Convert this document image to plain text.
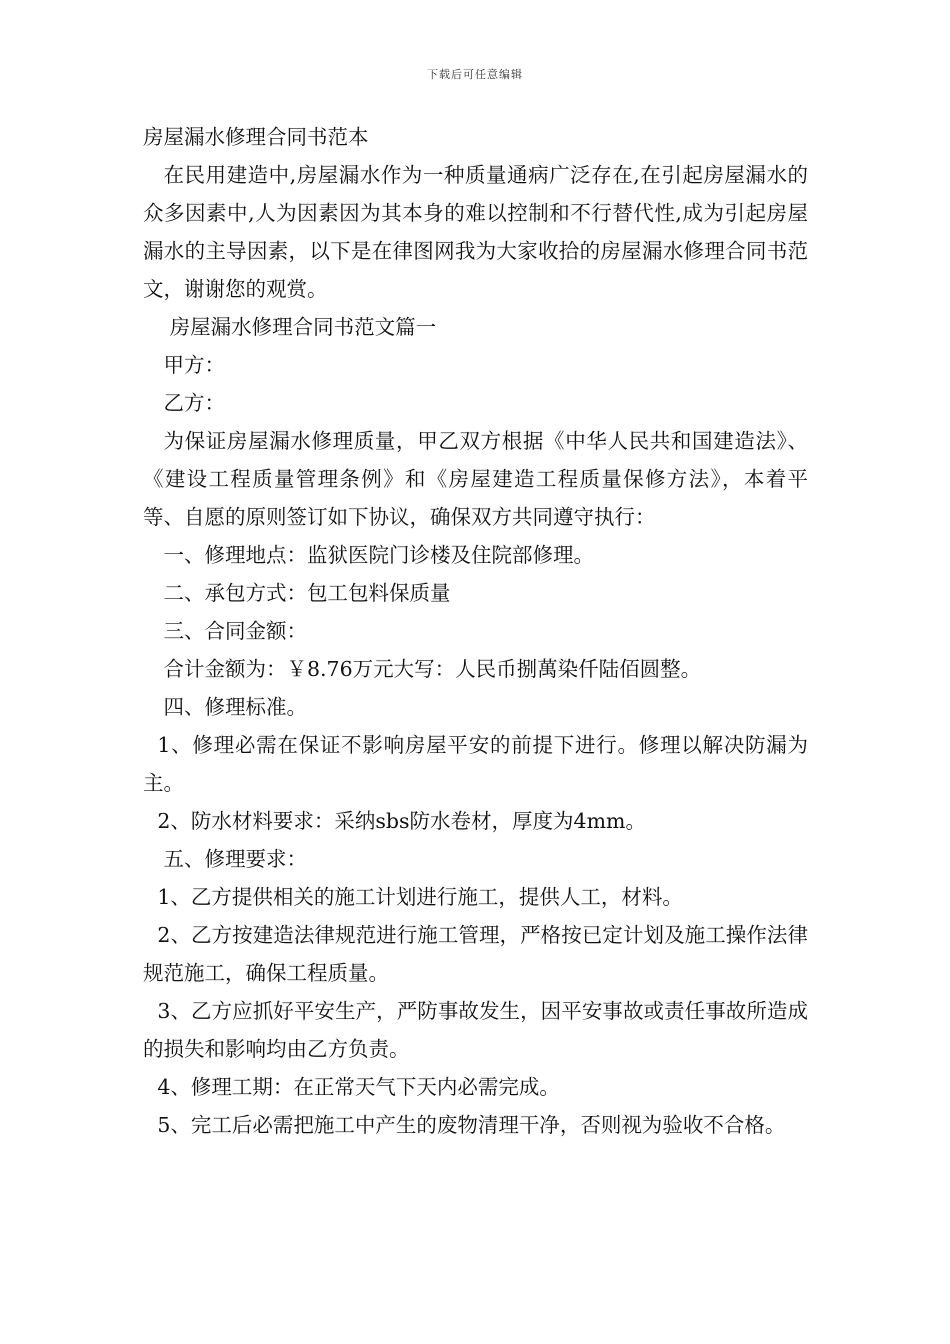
下载后可任意编辑
房屋漏水修理合同书范本

在民用建造中,房屋漏水作为一种质量通病广泛存在,在引起房屋漏水的众多因素中,人为因素因为其本身的难以控制和不行替代性,成为引起房屋漏水的主导因素，以下是在律图网我为大家收拾的房屋漏水修理合同书范文，谢谢您的观赏。

房屋漏水修理合同书范文篇一

甲方：

乙方：

为保证房屋漏水修理质量，甲乙双方根据《中华人民共和国建造法》、《建设工程质量管理条例》和《房屋建造工程质量保修方法》，本着平等、自愿的原则签订如下协议，确保双方共同遵守执行：

一、修理地点：监狱医院门诊楼及住院部修理。

二、承包方式：包工包料保质量

三、合同金额：

合计金额为：￥8.76万元大写：人民币捌萬染仟陆佰圆整。

四、修理标准。

1、修理必需在保证不影响房屋平安的前提下进行。修理以解决防漏为主。

2、防水材料要求：采纳sbs防水卷材，厚度为4mm。

五、修理要求：

1、乙方提供相关的施工计划进行施工，提供人工，材料。

2、乙方按建造法律规范进行施工管理，严格按已定计划及施工操作法律规范施工，确保工程质量。

3、乙方应抓好平安生产，严防事故发生，因平安事故或责任事故所造成的损失和影响均由乙方负责。

4、修理工期：在正常天气下天内必需完成。

5、完工后必需把施工中产生的废物清理干净，否则视为验收不合格。
